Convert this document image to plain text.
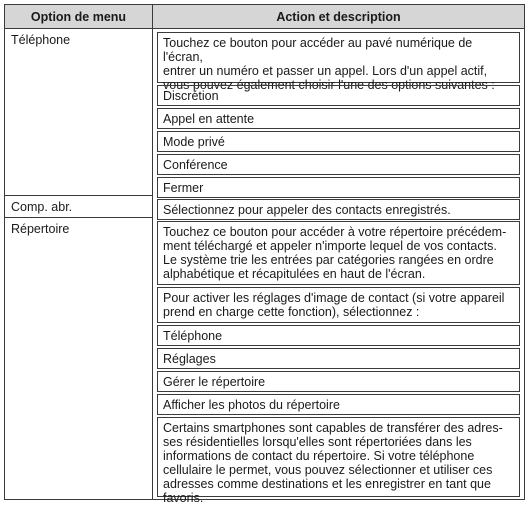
Option de menu	Action et description
Téléphone	Touchez ce bouton pour accéder au pavé numérique de l'écran,
entrer un numéro et passer un appel. Lors d'un appel actif,
vous pouvez également choisir l'une des options suivantes :
Discrétion
Appel en attente
Mode privé
Conférence
Fermer
Comp. abr.	Sélectionnez pour appeler des contacts enregistrés.
Répertoire	Touchez ce bouton pour accéder à votre répertoire précédem-
ment téléchargé et appeler n'importe lequel de vos contacts.
Le système trie les entrées par catégories rangées en ordre
alphabétique et récapitulées en haut de l'écran.
Pour activer les réglages d'image de contact (si votre appareil
prend en charge cette fonction), sélectionnez :
Téléphone
Réglages
Gérer le répertoire
Afficher les photos du répertoire
Certains smartphones sont capables de transférer des adres-
ses résidentielles lorsqu'elles sont répertoriées dans les
informations de contact du répertoire. Si votre téléphone
cellulaire le permet, vous pouvez sélectionner et utiliser ces
adresses comme destinations et les enregistrer en tant que
favoris.
